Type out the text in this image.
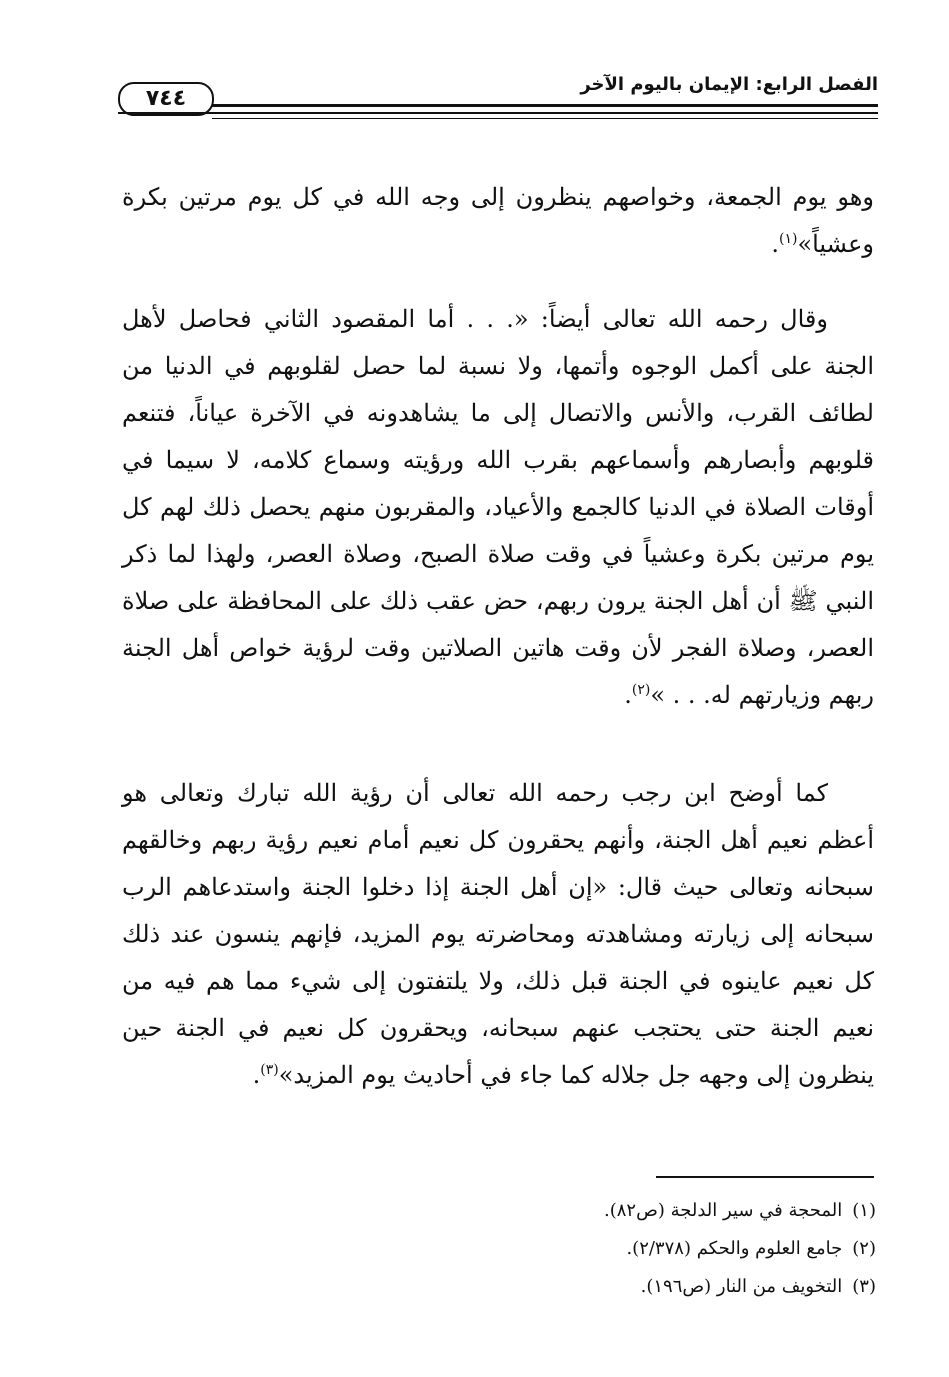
الفصل الرابع: الإيمان باليوم الآخر
٧٤٤
وهو يوم الجمعة، وخواصهم ينظرون إلى وجه الله في كل يوم مرتين بكرة وعشياً»$^{(١)}$.
وقال رحمه الله تعالى أيضاً: «. . . أما المقصود الثاني فحاصل لأهل الجنة على أكمل الوجوه وأتمها، ولا نسبة لما حصل لقلوبهم في الدنيا من لطائف القرب، والأنس والاتصال إلى ما يشاهدونه في الآخرة عياناً، فتنعم قلوبهم وأبصارهم وأسماعهم بقرب الله ورؤيته وسماع كلامه، لا سيما في أوقات الصلاة في الدنيا كالجمع والأعياد، والمقربون منهم يحصل ذلك لهم كل يوم مرتين بكرة وعشياً في وقت صلاة الصبح، وصلاة العصر، ولهذا لما ذكر النبي ﷺ أن أهل الجنة يرون ربهم، حض عقب ذلك على المحافظة على صلاة العصر، وصلاة الفجر لأن وقت هاتين الصلاتين وقت لرؤية خواص أهل الجنة ربهم وزيارتهم له. . . »$^{(٢)}$.
كما أوضح ابن رجب رحمه الله تعالى أن رؤية الله تبارك وتعالى هو أعظم نعيم أهل الجنة، وأنهم يحقرون كل نعيم أمام نعيم رؤية ربهم وخالقهم سبحانه وتعالى حيث قال: «إن أهل الجنة إذا دخلوا الجنة واستدعاهم الرب سبحانه إلى زيارته ومشاهدته ومحاضرته يوم المزيد، فإنهم ينسون عند ذلك كل نعيم عاينوه في الجنة قبل ذلك، ولا يلتفتون إلى شيء مما هم فيه من نعيم الجنة حتى يحتجب عنهم سبحانه، ويحقرون كل نعيم في الجنة حين ينظرون إلى وجهه جل جلاله كما جاء في أحاديث يوم المزيد»$^{(٣)}$.
(١)المحجة في سير الدلجة (ص٨٢).
(٢)جامع العلوم والحكم (٢/٣٧٨).
(٣)التخويف من النار (ص١٩٦).
